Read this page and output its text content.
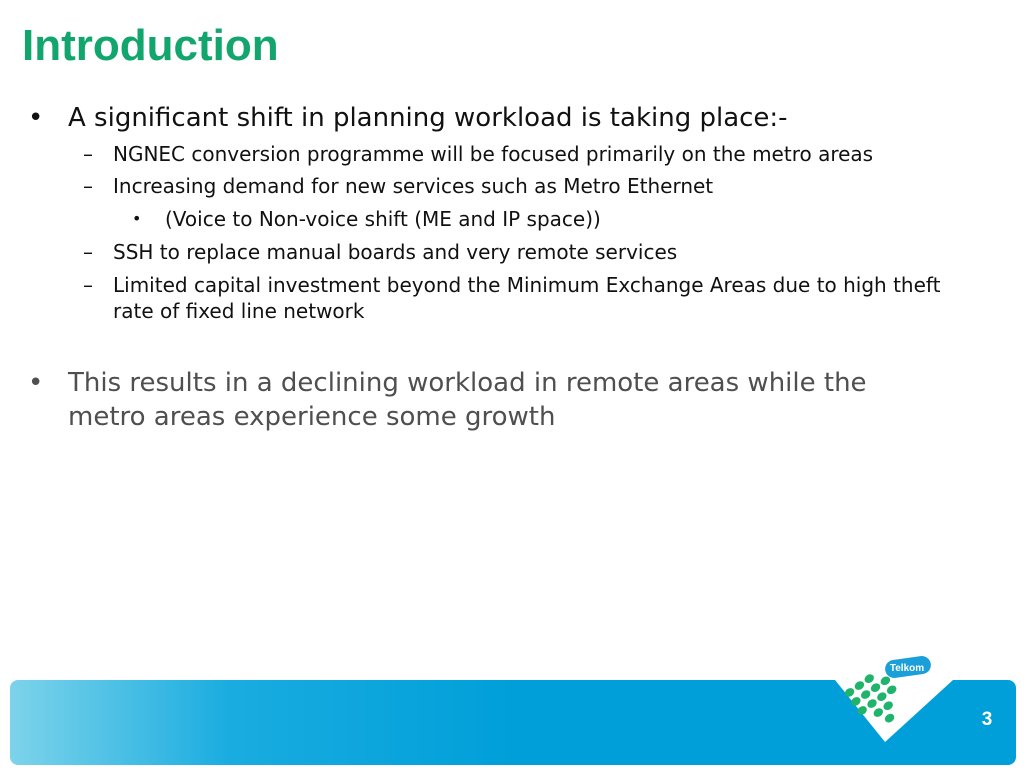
Introduction
• A significant shift in planning workload is taking place:-
–	NGNEC conversion programme will be focused primarily on the metro areas
–	Increasing demand for new services such as Metro Ethernet
•	(Voice to Non-voice shift (ME and IP space))
–	SSH to replace manual boards and very remote services
–	Limited capital investment beyond the Minimum Exchange Areas due to high theft rate of fixed line network
• This results in a declining workload in remote areas while the metro areas experience some growth
Telkom
3
